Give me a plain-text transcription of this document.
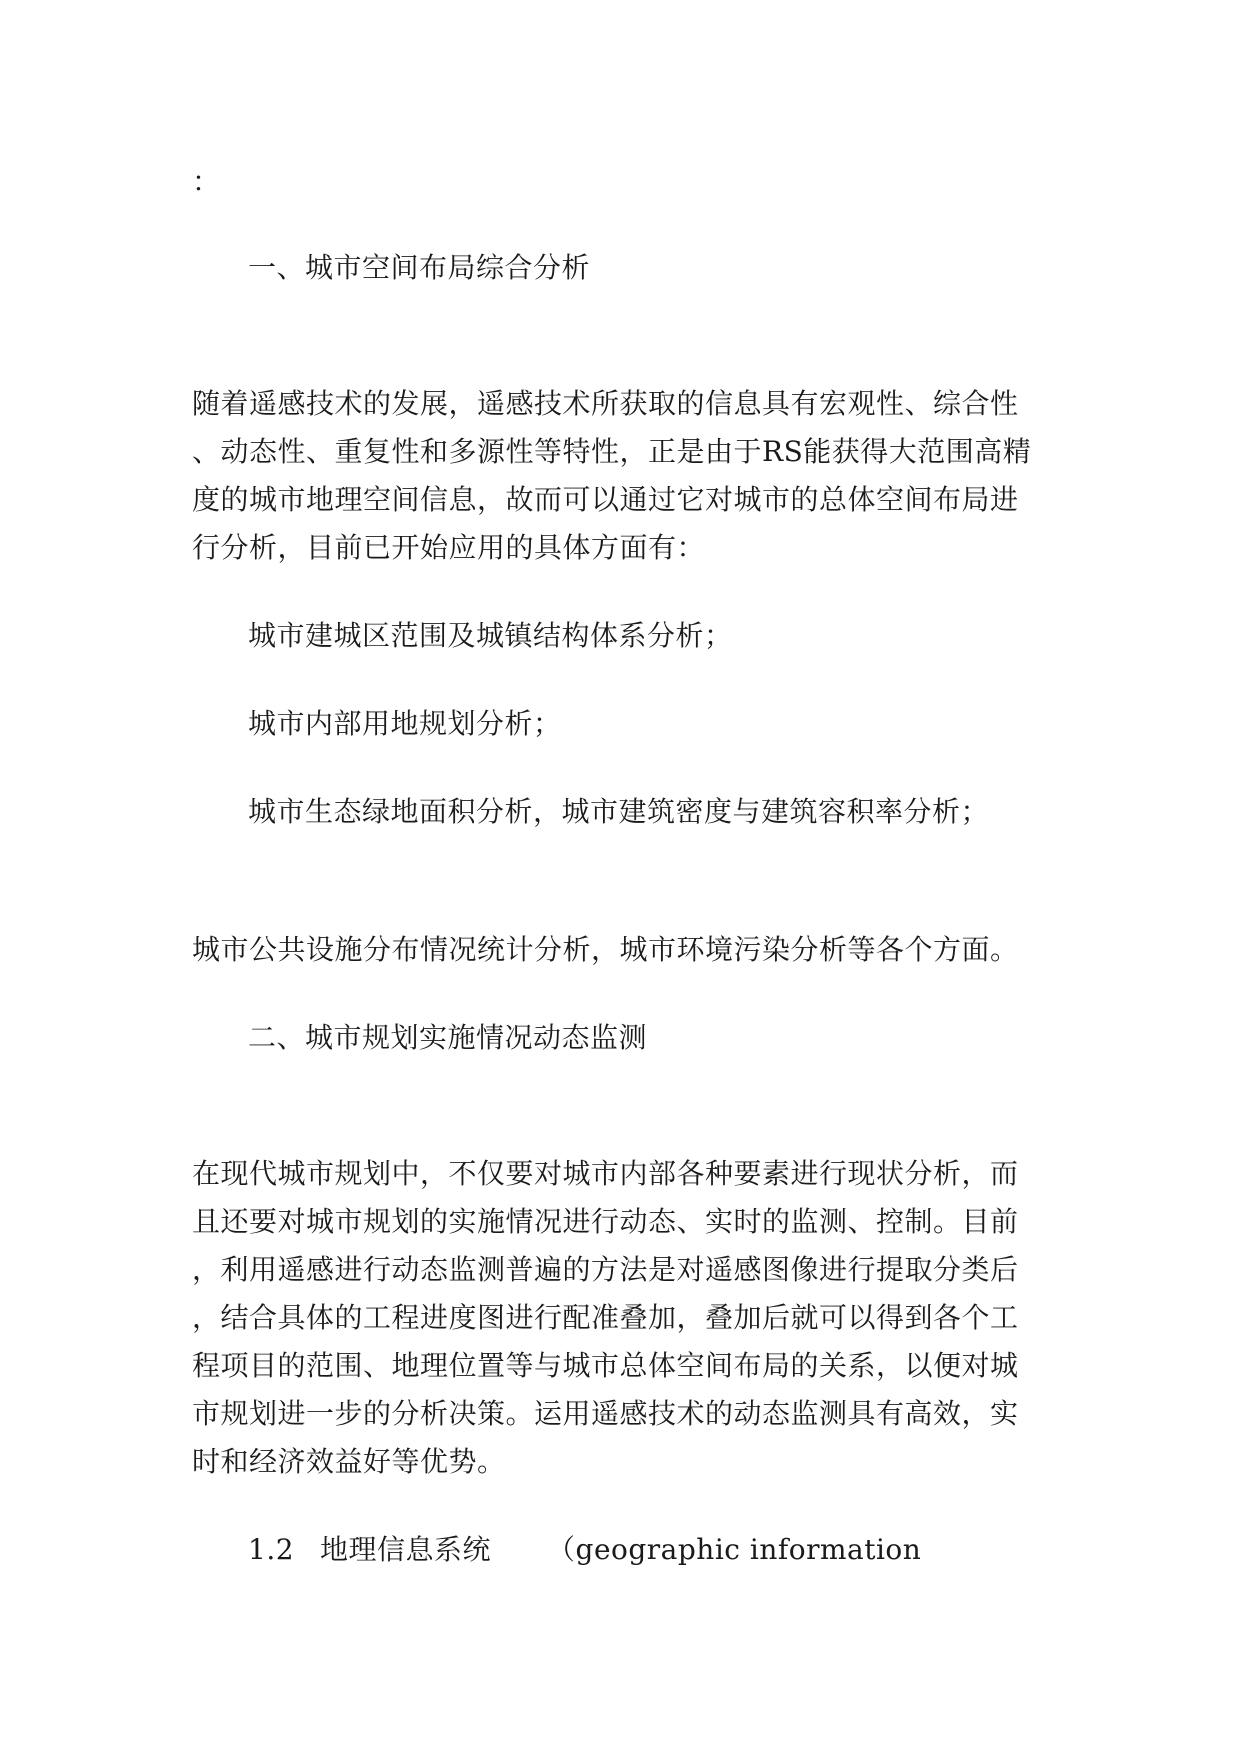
：
一、城市空间布局综合分析
随着遥感技术的发展，遥感技术所获取的信息具有宏观性、综合性
、动态性、重复性和多源性等特性，正是由于RS能获得大范围高精
度的城市地理空间信息，故而可以通过它对城市的总体空间布局进
行分析，目前已开始应用的具体方面有：
城市建城区范围及城镇结构体系分析；
城市内部用地规划分析；
城市生态绿地面积分析，城市建筑密度与建筑容积率分析；
城市公共设施分布情况统计分析，城市环境污染分析等各个方面。
二、城市规划实施情况动态监测
在现代城市规划中，不仅要对城市内部各种要素进行现状分析，而
且还要对城市规划的实施情况进行动态、实时的监测、控制。目前
，利用遥感进行动态监测普遍的方法是对遥感图像进行提取分类后
，结合具体的工程进度图进行配准叠加，叠加后就可以得到各个工
程项目的范围、地理位置等与城市总体空间布局的关系，以便对城
市规划进一步的分析决策。运用遥感技术的动态监测具有高效，实
时和经济效益好等优势。
1.2 地理信息系统 （geographic information
